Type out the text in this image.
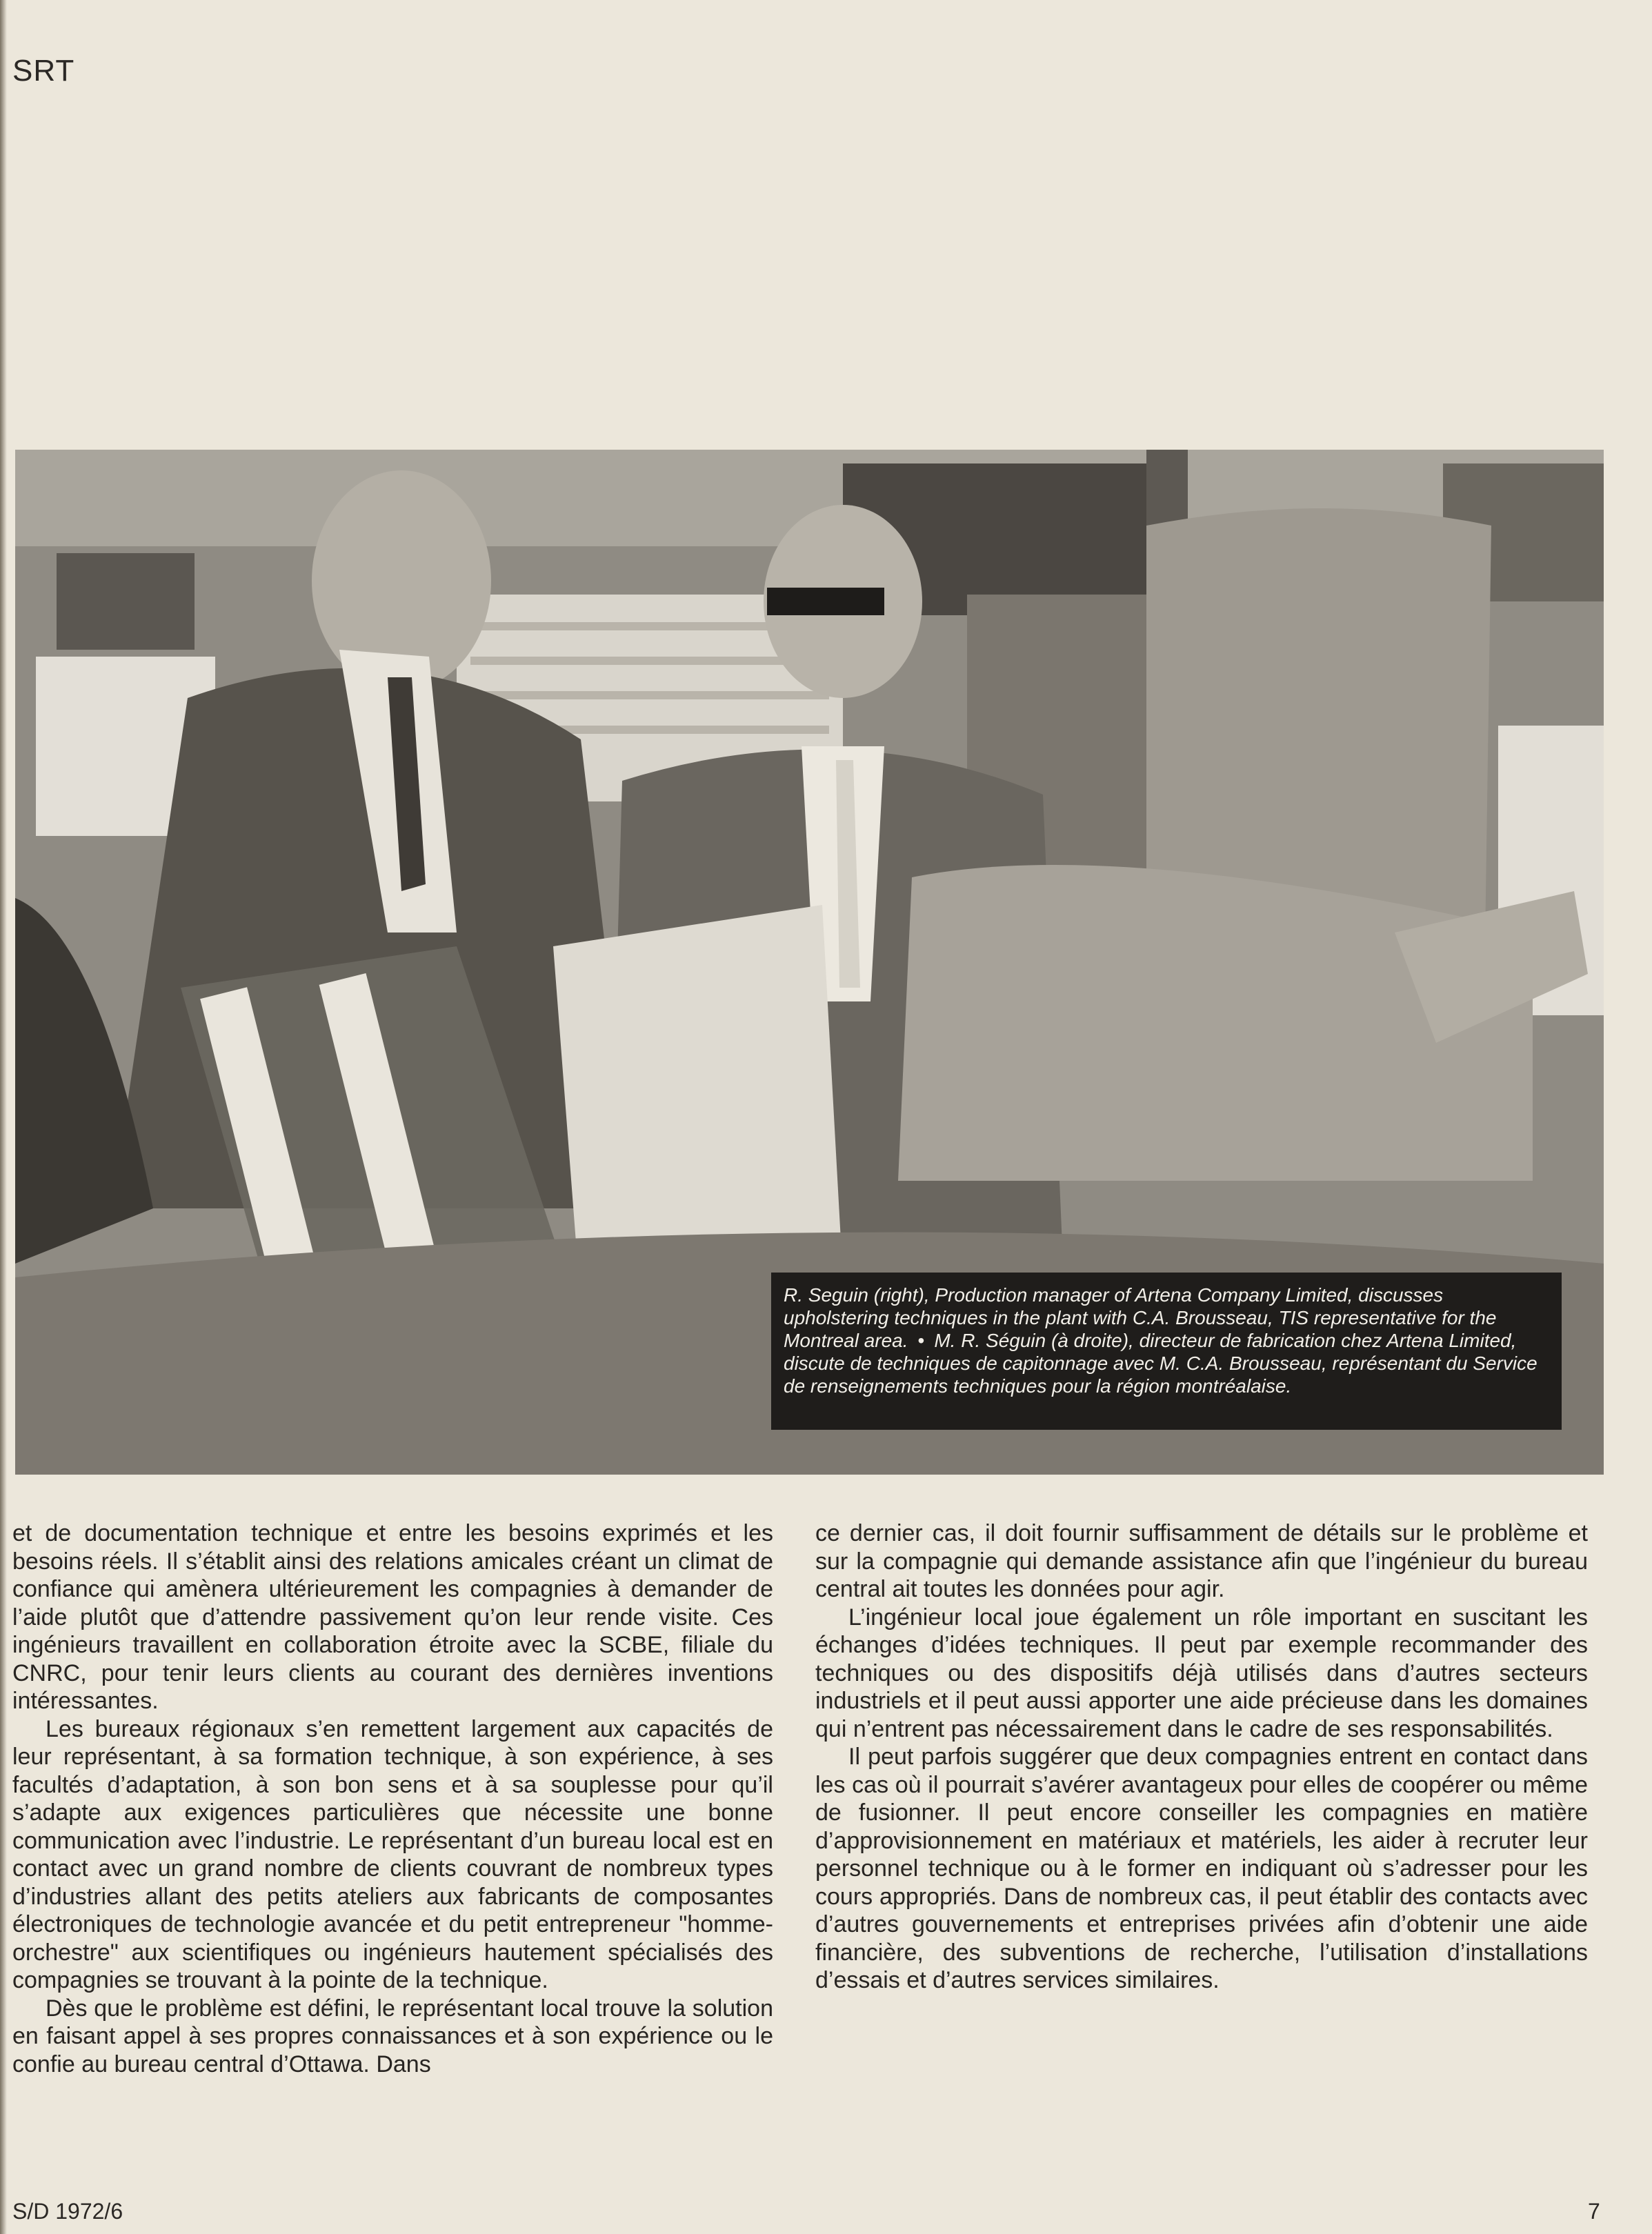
SRT
R. Seguin (right), Production manager of Artena Company Limited, discusses upholstering techniques in the plant with C.A. Brousseau, TIS representative for the Montreal area. • M. R. Séguin (à droite), directeur de fabrication chez Artena Limited, discute de techniques de capitonnage avec M. C.A. Brousseau, représentant du Service de renseignements techniques pour la région montréalaise.

et de documentation technique et entre les besoins exprimés et les besoins réels. Il s’établit ainsi des relations amicales créant un climat de confiance qui amènera ultérieurement les compagnies à demander de l’aide plutôt que d’attendre passivement qu’on leur rende visite. Ces ingénieurs travaillent en collaboration étroite avec la SCBE, filiale du CNRC, pour tenir leurs clients au courant des dernières inventions intéressantes.

Les bureaux régionaux s’en remettent largement aux capacités de leur représentant, à sa formation technique, à son expérience, à ses facultés d’adaptation, à son bon sens et à sa souplesse pour qu’il s’adapte aux exigences particulières que nécessite une bonne communication avec l’industrie. Le représentant d’un bureau local est en contact avec un grand nombre de clients couvrant de nombreux types d’industries allant des petits ateliers aux fabricants de composantes électroniques de technologie avancée et du petit entrepreneur "homme-orchestre" aux scientifiques ou ingénieurs hautement spécialisés des compagnies se trouvant à la pointe de la technique.

Dès que le problème est défini, le représentant local trouve la solution en faisant appel à ses propres connaissances et à son expérience ou le confie au bureau central d’Ottawa. Dans

ce dernier cas, il doit fournir suffisamment de détails sur le problème et sur la compagnie qui demande assistance afin que l’ingénieur du bureau central ait toutes les données pour agir.

L’ingénieur local joue également un rôle important en suscitant les échanges d’idées techniques. Il peut par exemple recommander des techniques ou des dispositifs déjà utilisés dans d’autres secteurs industriels et il peut aussi apporter une aide précieuse dans les domaines qui n’entrent pas nécessairement dans le cadre de ses responsabilités.

Il peut parfois suggérer que deux compagnies entrent en contact dans les cas où il pourrait s’avérer avantageux pour elles de coopérer ou même de fusionner. Il peut encore conseiller les compagnies en matière d’approvisionnement en matériaux et matériels, les aider à recruter leur personnel technique ou à le former en indiquant où s’adresser pour les cours appropriés. Dans de nombreux cas, il peut établir des contacts avec d’autres gouvernements et entreprises privées afin d’obtenir une aide financière, des subventions de recherche, l’utilisation d’installations d’essais et d’autres services similaires.

S/D 1972/6	7
